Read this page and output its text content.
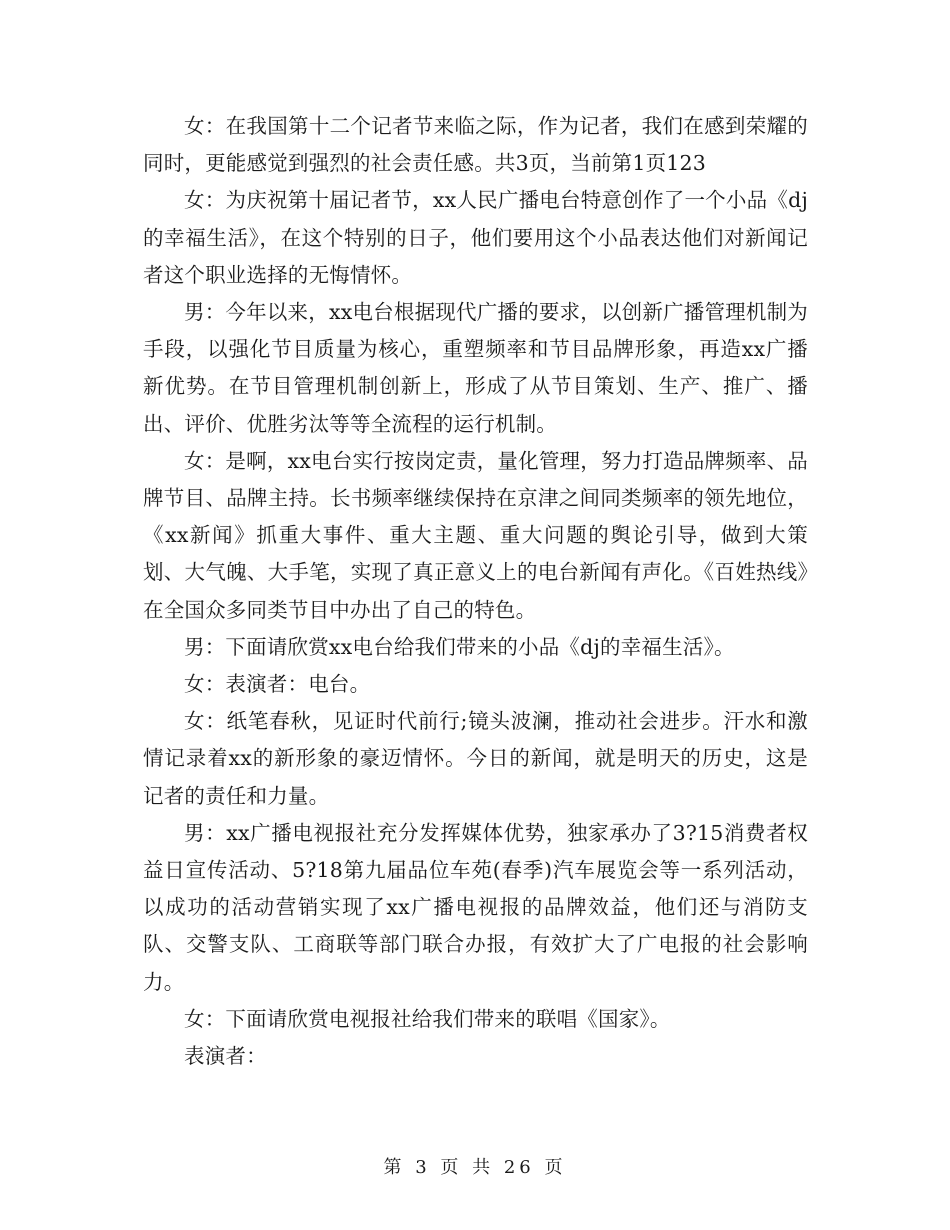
女：在我国第十二个记者节来临之际，作为记者，我们在感到荣耀的同时，更能感觉到强烈的社会责任感。共3页，当前第1页123

女：为庆祝第十届记者节，xx人民广播电台特意创作了一个小品《dj的幸福生活》，在这个特别的日子，他们要用这个小品表达他们对新闻记者这个职业选择的无悔情怀。

男：今年以来，xx电台根据现代广播的要求，以创新广播管理机制为手段，以强化节目质量为核心，重塑频率和节目品牌形象，再造xx广播新优势。在节目管理机制创新上，形成了从节目策划、生产、推广、播出、评价、优胜劣汰等等全流程的运行机制。

女：是啊，xx电台实行按岗定责，量化管理，努力打造品牌频率、品牌节目、品牌主持。长书频率继续保持在京津之间同类频率的领先地位，《xx新闻》抓重大事件、重大主题、重大问题的舆论引导，做到大策划、大气魄、大手笔，实现了真正意义上的电台新闻有声化。《百姓热线》在全国众多同类节目中办出了自己的特色。

男：下面请欣赏xx电台给我们带来的小品《dj的幸福生活》。

女：表演者：电台。

女：纸笔春秋，见证时代前行;镜头波澜，推动社会进步。汗水和激情记录着xx的新形象的豪迈情怀。今日的新闻，就是明天的历史，这是记者的责任和力量。

男：xx广播电视报社充分发挥媒体优势，独家承办了3?15消费者权益日宣传活动、5?18第九届品位车苑(春季)汽车展览会等一系列活动，以成功的活动营销实现了xx广播电视报的品牌效益，他们还与消防支队、交警支队、工商联等部门联合办报，有效扩大了广电报的社会影响力。

女：下面请欣赏电视报社给我们带来的联唱《国家》。

表演者：

第 3 页 共 26 页
